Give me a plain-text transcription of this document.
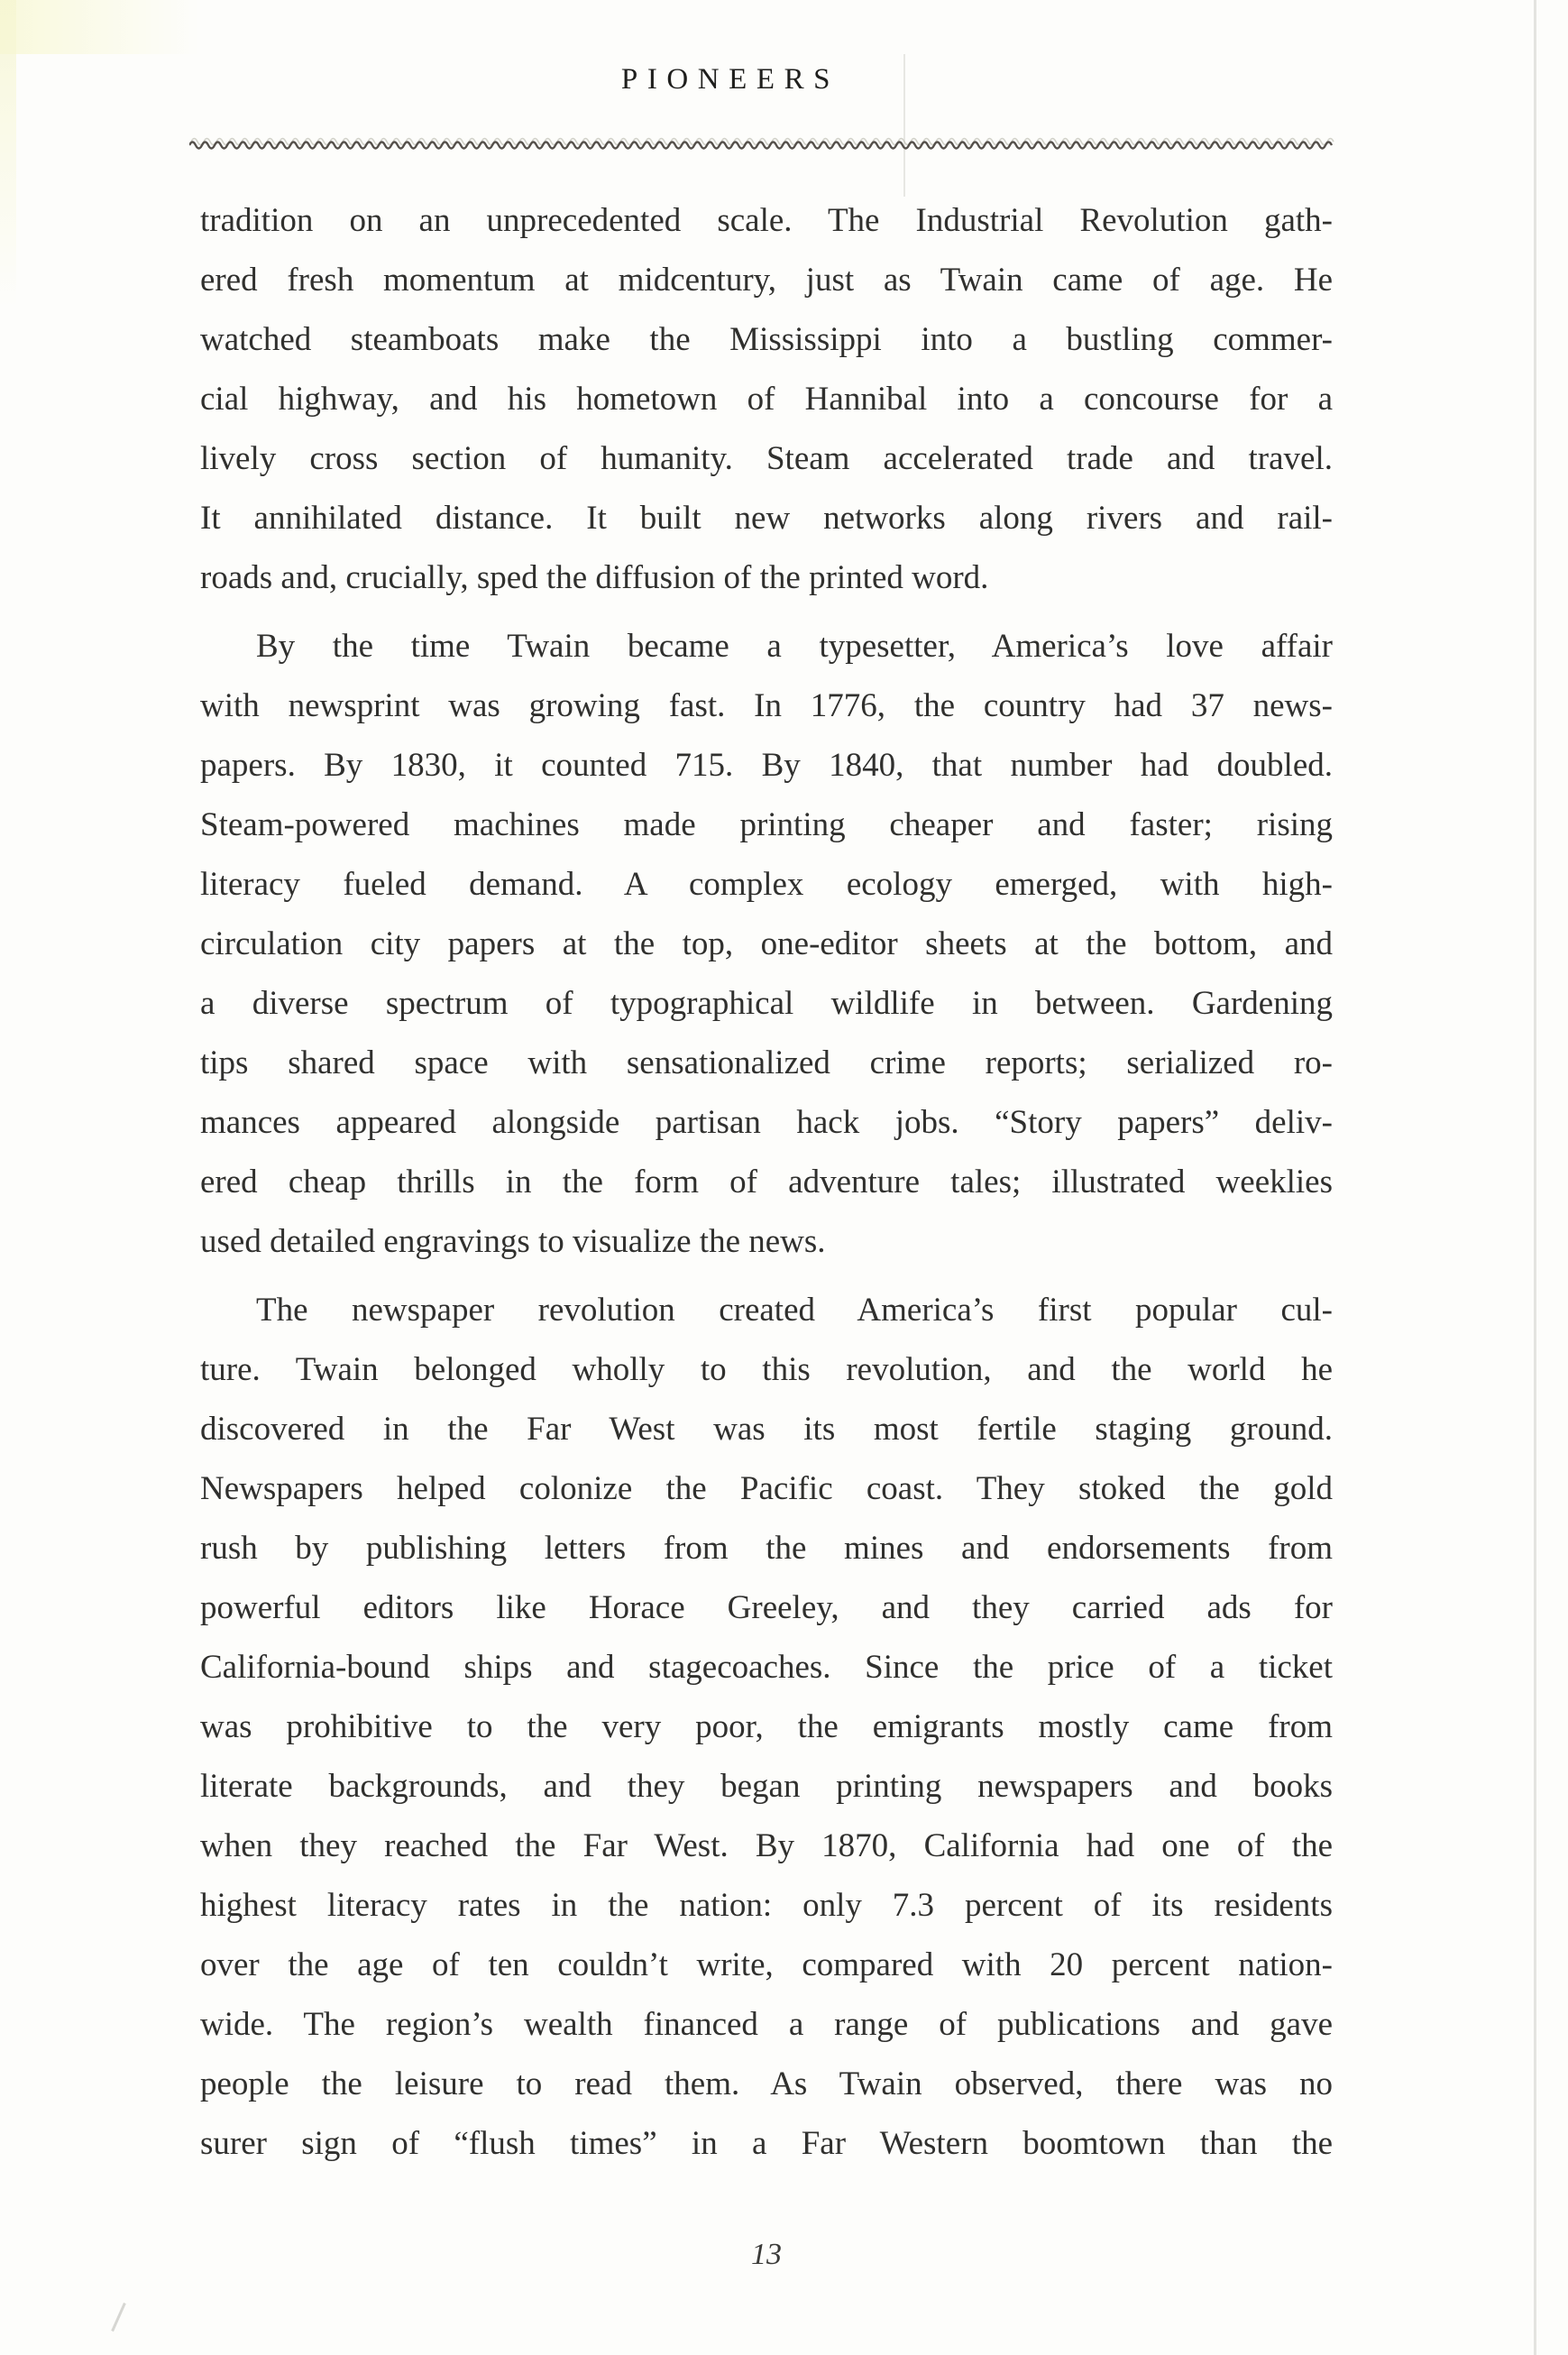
PIONEERS

tradition on an unprecedented scale. The Industrial Revolution gath-
ered fresh momentum at midcentury, just as Twain came of age. He
watched steamboats make the Mississippi into a bustling commer-
cial highway, and his hometown of Hannibal into a concourse for a
lively cross section of humanity. Steam accelerated trade and travel.
It annihilated distance. It built new networks along rivers and rail-
roads and, crucially, sped the diffusion of the printed word.

By the time Twain became a typesetter, America’s love affair
with newsprint was growing fast. In 1776, the country had 37 news-
papers. By 1830, it counted 715. By 1840, that number had doubled.
Steam-powered machines made printing cheaper and faster; rising
literacy fueled demand. A complex ecology emerged, with high-
circulation city papers at the top, one-editor sheets at the bottom, and
a diverse spectrum of typographical wildlife in between. Gardening
tips shared space with sensationalized crime reports; serialized ro-
mances appeared alongside partisan hack jobs. “Story papers” deliv-
ered cheap thrills in the form of adventure tales; illustrated weeklies
used detailed engravings to visualize the news.

The newspaper revolution created America’s first popular cul-
ture. Twain belonged wholly to this revolution, and the world he
discovered in the Far West was its most fertile staging ground.
Newspapers helped colonize the Pacific coast. They stoked the gold
rush by publishing letters from the mines and endorsements from
powerful editors like Horace Greeley, and they carried ads for
California-bound ships and stagecoaches. Since the price of a ticket
was prohibitive to the very poor, the emigrants mostly came from
literate backgrounds, and they began printing newspapers and books
when they reached the Far West. By 1870, California had one of the
highest literacy rates in the nation: only 7.3 percent of its residents
over the age of ten couldn’t write, compared with 20 percent nation-
wide. The region’s wealth financed a range of publications and gave
people the leisure to read them. As Twain observed, there was no
surer sign of “flush times” in a Far Western boomtown than the

13
